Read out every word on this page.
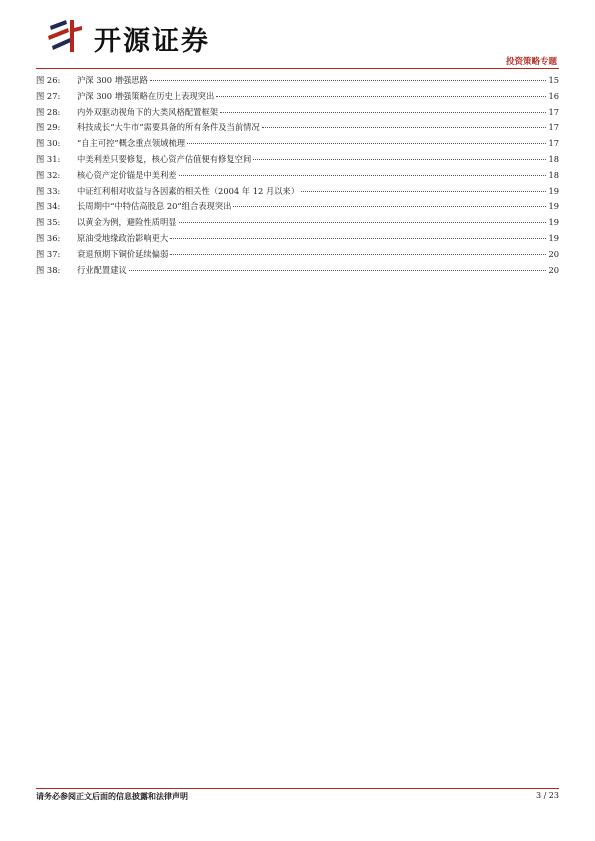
开源证券
投资策略专题
图 26:	沪深 300 增强思路	15
图 27:	沪深 300 增强策略在历史上表现突出	16
图 28:	内外双驱动视角下的大类风格配置框架	17
图 29:	科技成长“大牛市”需要具备的所有条件及当前情况	17
图 30:	“自主可控”概念重点领域梳理	17
图 31:	中美利差只要修复，核心资产估值便有修复空间	18
图 32:	核心资产定价锚是中美利差	18
图 33:	中证红利相对收益与各因素的相关性（2004 年 12 月以来）	19
图 34:	长周期中“中特估高股息 20”组合表现突出	19
图 35:	以黄金为例，避险性质明显	19
图 36:	原油受地缘政治影响更大	19
图 37:	衰退预期下铜价延续偏弱	20
图 38:	行业配置建议	20
请务必参阅正文后面的信息披露和法律声明	3 / 23
